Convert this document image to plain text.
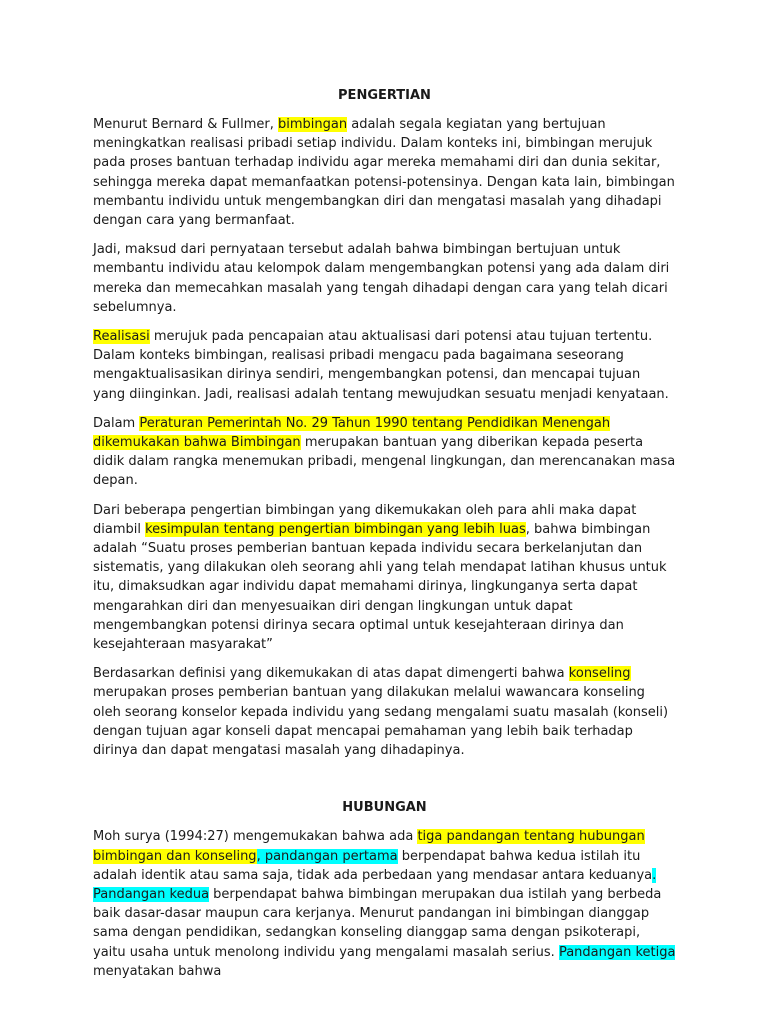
PENGERTIAN

Menurut Bernard & Fullmer, bimbingan adalah segala kegiatan yang bertujuan meningkatkan realisasi pribadi setiap individu. Dalam konteks ini, bimbingan merujuk pada proses bantuan terhadap individu agar mereka memahami diri dan dunia sekitar, sehingga mereka dapat memanfaatkan potensi-potensinya. Dengan kata lain, bimbingan membantu individu untuk mengembangkan diri dan mengatasi masalah yang dihadapi dengan cara yang bermanfaat.

Jadi, maksud dari pernyataan tersebut adalah bahwa bimbingan bertujuan untuk membantu individu atau kelompok dalam mengembangkan potensi yang ada dalam diri mereka dan memecahkan masalah yang tengah dihadapi dengan cara yang telah dicari sebelumnya.

Realisasi merujuk pada pencapaian atau aktualisasi dari potensi atau tujuan tertentu. Dalam konteks bimbingan, realisasi pribadi mengacu pada bagaimana seseorang mengaktualisasikan dirinya sendiri, mengembangkan potensi, dan mencapai tujuan yang diinginkan. Jadi, realisasi adalah tentang mewujudkan sesuatu menjadi kenyataan.

Dalam Peraturan Pemerintah No. 29 Tahun 1990 tentang Pendidikan Menengah dikemukakan bahwa Bimbingan merupakan bantuan yang diberikan kepada peserta didik dalam rangka menemukan pribadi, mengenal lingkungan, dan merencanakan masa depan.

Dari beberapa pengertian bimbingan yang dikemukakan oleh para ahli maka dapat diambil kesimpulan tentang pengertian bimbingan yang lebih luas, bahwa bimbingan adalah “Suatu proses pemberian bantuan kepada individu secara berkelanjutan dan sistematis, yang dilakukan oleh seorang ahli yang telah mendapat latihan khusus untuk itu, dimaksudkan agar individu dapat memahami dirinya, lingkunganya serta dapat mengarahkan diri dan menyesuaikan diri dengan lingkungan untuk dapat mengembangkan potensi dirinya secara optimal untuk kesejahteraan dirinya dan kesejahteraan masyarakat”

Berdasarkan definisi yang dikemukakan di atas dapat dimengerti bahwa konseling merupakan proses pemberian bantuan yang dilakukan melalui wawancara konseling oleh seorang konselor kepada individu yang sedang mengalami suatu masalah (konseli) dengan tujuan agar konseli dapat mencapai pemahaman yang lebih baik terhadap dirinya dan dapat mengatasi masalah yang dihadapinya.

HUBUNGAN

Moh surya (1994:27) mengemukakan bahwa ada tiga pandangan tentang hubungan bimbingan dan konseling, pandangan pertama berpendapat bahwa kedua istilah itu adalah identik atau sama saja, tidak ada perbedaan yang mendasar antara keduanya. Pandangan kedua berpendapat bahwa bimbingan merupakan dua istilah yang berbeda baik dasar-dasar maupun cara kerjanya. Menurut pandangan ini bimbingan dianggap sama dengan pendidikan, sedangkan konseling dianggap sama dengan psikoterapi, yaitu usaha untuk menolong individu yang mengalami masalah serius. Pandangan ketiga menyatakan bahwa
